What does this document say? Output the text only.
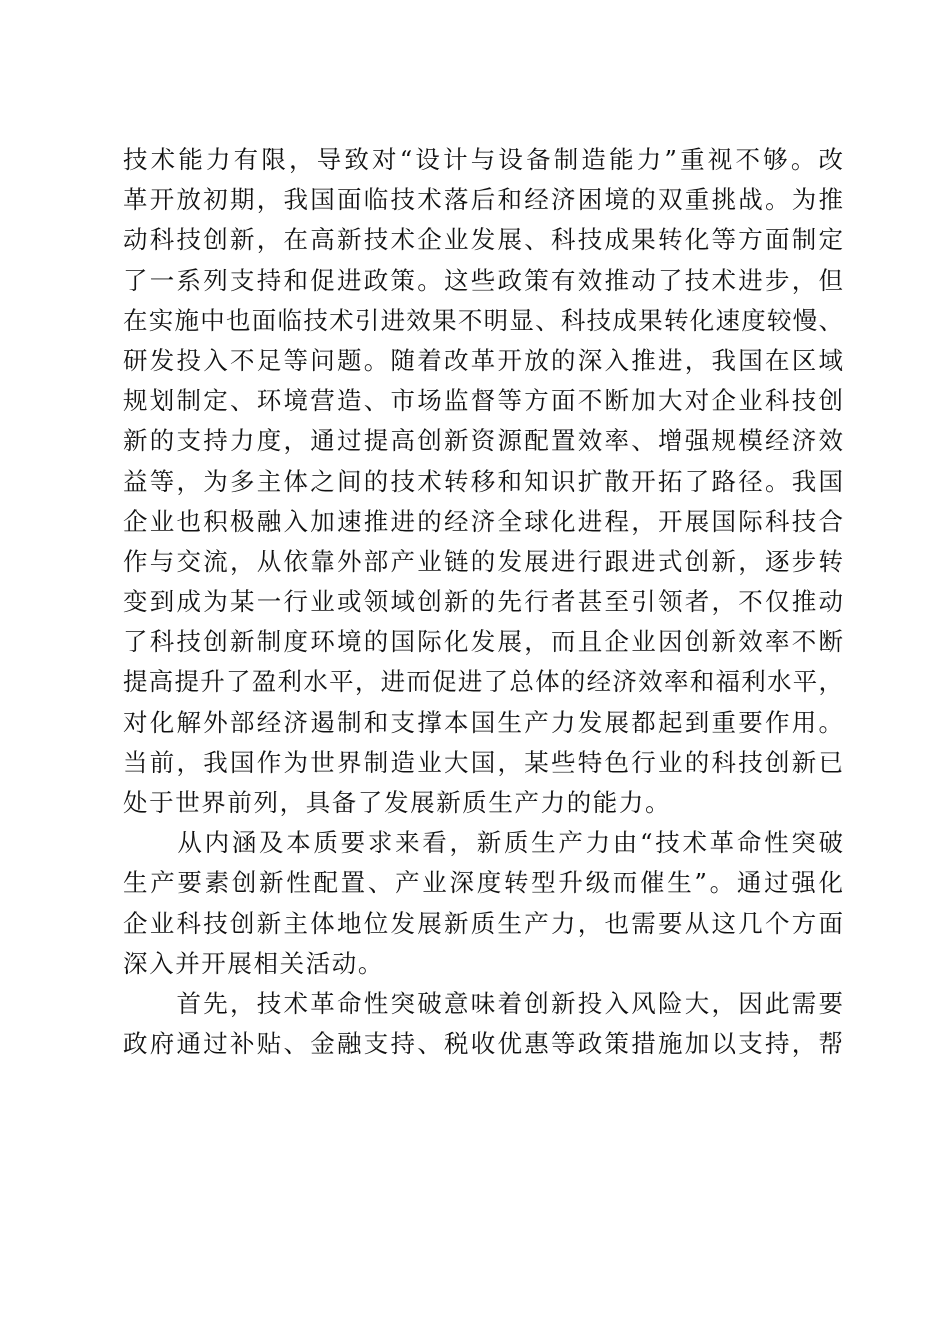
技术能力有限，导致对“设计与设备制造能力”重视不够。改
革开放初期，我国面临技术落后和经济困境的双重挑战。为推
动科技创新，在高新技术企业发展、科技成果转化等方面制定
了一系列支持和促进政策。这些政策有效推动了技术进步，但
在实施中也面临技术引进效果不明显、科技成果转化速度较慢、
研发投入不足等问题。随着改革开放的深入推进，我国在区域
规划制定、环境营造、市场监督等方面不断加大对企业科技创
新的支持力度，通过提高创新资源配置效率、增强规模经济效
益等，为多主体之间的技术转移和知识扩散开拓了路径。我国
企业也积极融入加速推进的经济全球化进程，开展国际科技合
作与交流，从依靠外部产业链的发展进行跟进式创新，逐步转
变到成为某一行业或领域创新的先行者甚至引领者，不仅推动
了科技创新制度环境的国际化发展，而且企业因创新效率不断
提高提升了盈利水平，进而促进了总体的经济效率和福利水平，
对化解外部经济遏制和支撑本国生产力发展都起到重要作用。
当前，我国作为世界制造业大国，某些特色行业的科技创新已
处于世界前列，具备了发展新质生产力的能力。
　　从内涵及本质要求来看，新质生产力由“技术革命性突破
生产要素创新性配置、产业深度转型升级而催生”。通过强化
企业科技创新主体地位发展新质生产力，也需要从这几个方面
深入并开展相关活动。
　　首先，技术革命性突破意味着创新投入风险大，因此需要
政府通过补贴、金融支持、税收优惠等政策措施加以支持，帮
